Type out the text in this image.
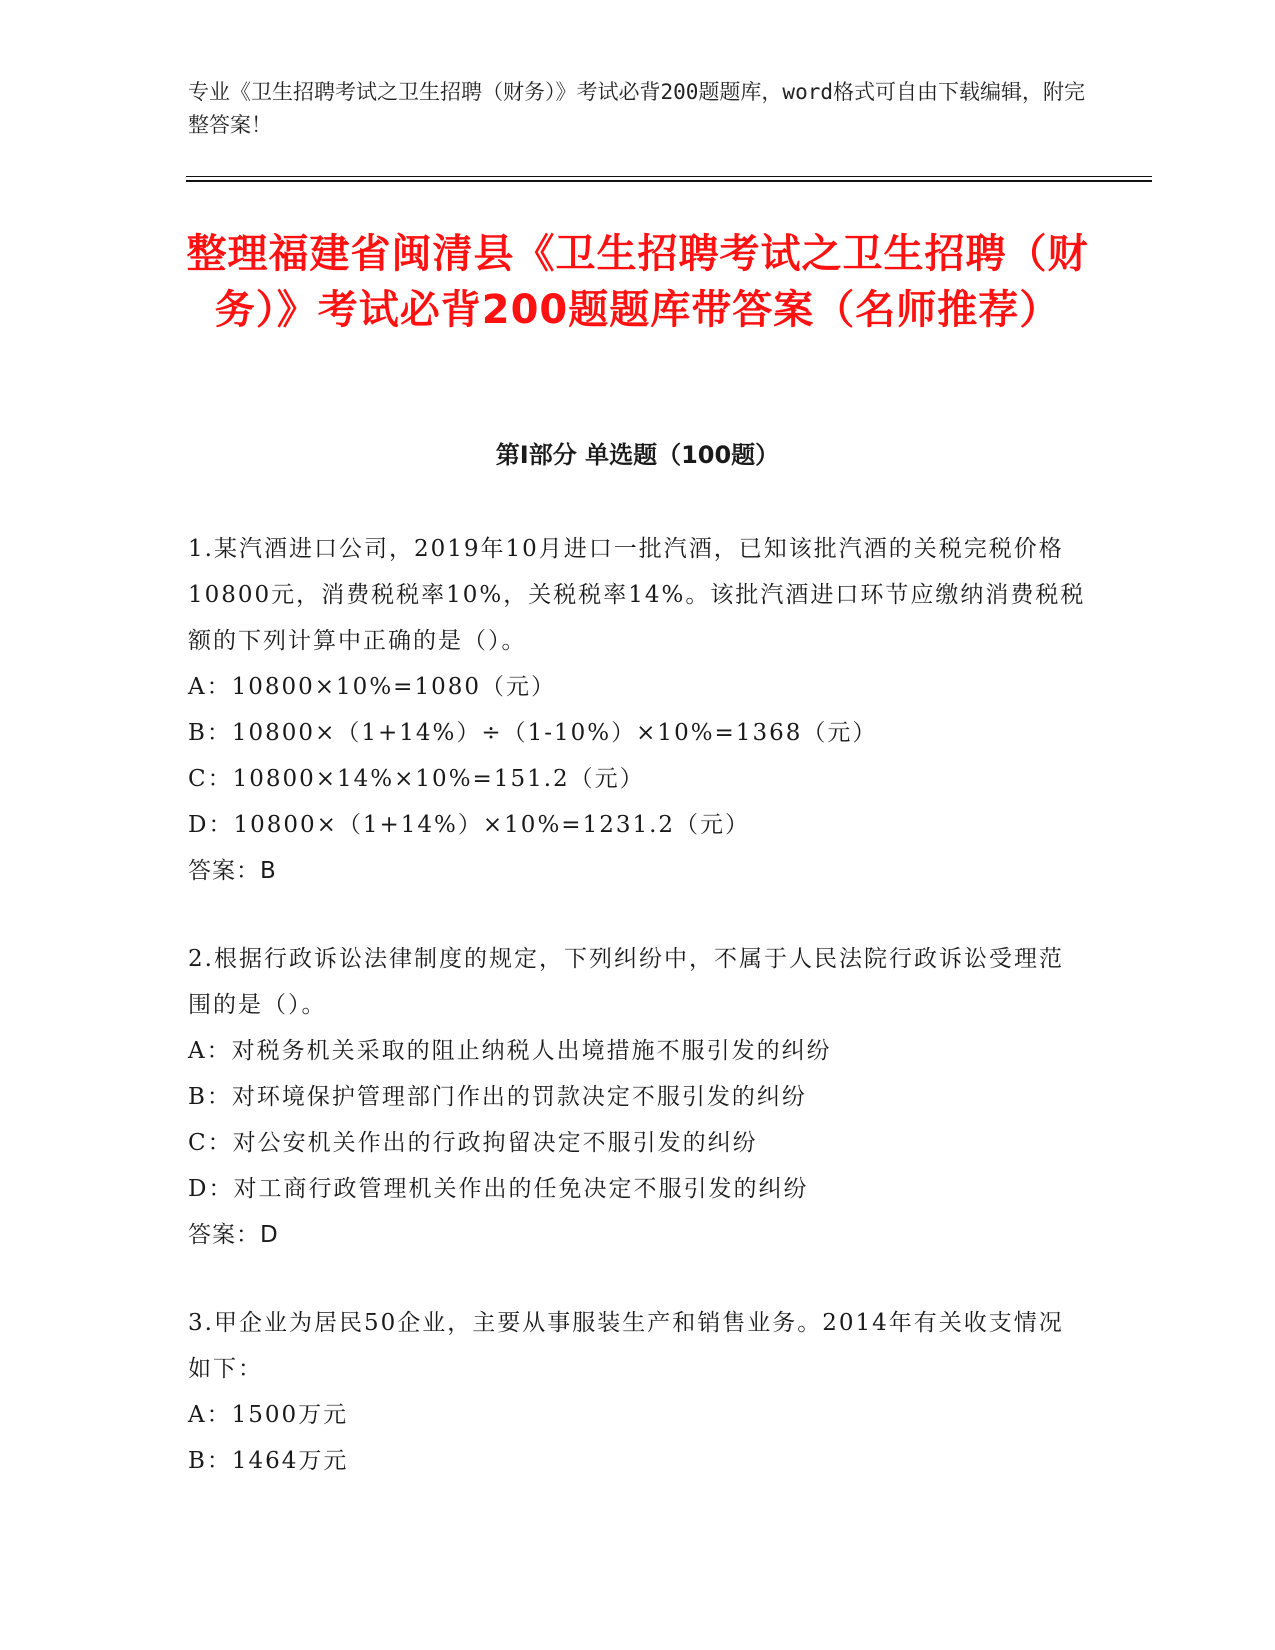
专业《卫生招聘考试之卫生招聘（财务）》考试必背200题题库，word格式可自由下载编辑，附完整答案！
整理福建省闽清县《卫生招聘考试之卫生招聘（财务）》考试必背200题题库带答案（名师推荐）
第Ⅰ部分 单选题（100题）
1.某汽酒进口公司，2019年10月进口一批汽酒，已知该批汽酒的关税完税价格10800元，消费税税率10%，关税税率14%。该批汽酒进口环节应缴纳消费税税额的下列计算中正确的是（）。
A：10800×10%=1080（元）
B：10800×（1+14%）÷（1-10%）×10%=1368（元）
C：10800×14%×10%=151.2（元）
D：10800×（1+14%）×10%=1231.2（元）
答案：B
2.根据行政诉讼法律制度的规定，下列纠纷中，不属于人民法院行政诉讼受理范围的是（）。
A：对税务机关采取的阻止纳税人出境措施不服引发的纠纷
B：对环境保护管理部门作出的罚款决定不服引发的纠纷
C：对公安机关作出的行政拘留决定不服引发的纠纷
D：对工商行政管理机关作出的任免决定不服引发的纠纷
答案：D
3.甲企业为居民50企业，主要从事服装生产和销售业务。2014年有关收支情况如下：
A：1500万元
B：1464万元
